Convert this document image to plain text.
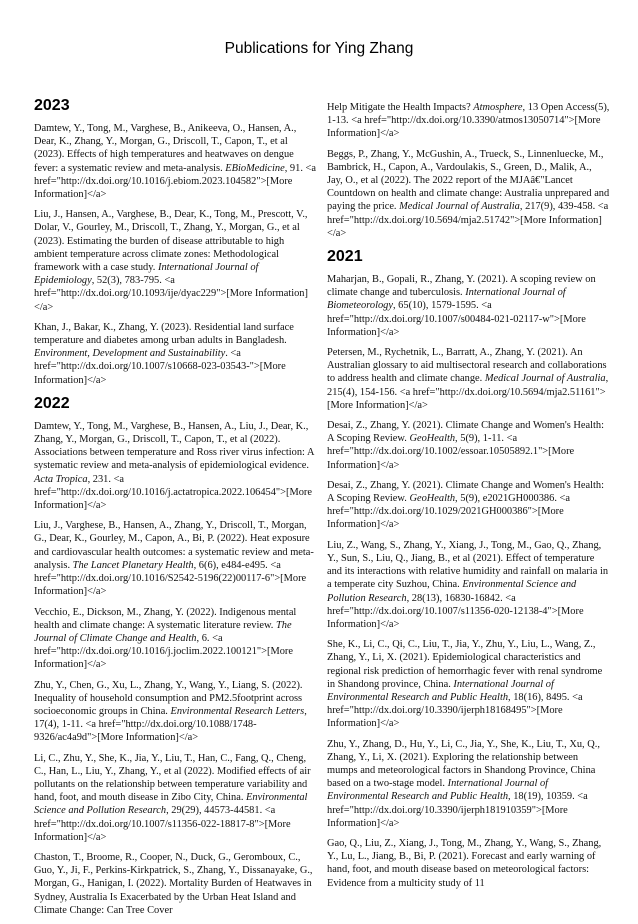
Publications for Ying Zhang
2023
Damtew, Y., Tong, M., Varghese, B., Anikeeva, O., Hansen, A., Dear, K., Zhang, Y., Morgan, G., Driscoll, T., Capon, T., et al (2023). Effects of high temperatures and heatwaves on dengue fever: a systematic review and meta-analysis. EBioMedicine, 91. <a href="http://dx.doi.org/10.1016/j.ebiom.2023.104582">[More Information]</a>
Liu, J., Hansen, A., Varghese, B., Dear, K., Tong, M., Prescott, V., Dolar, V., Gourley, M., Driscoll, T., Zhang, Y., Morgan, G., et al (2023). Estimating the burden of disease attributable to high ambient temperature across climate zones: Methodological framework with a case study. International Journal of Epidemiology, 52(3), 783-795. <a href="http://dx.doi.org/10.1093/ije/dyac229">[More Information]</a>
Khan, J., Bakar, K., Zhang, Y. (2023). Residential land surface temperature and diabetes among urban adults in Bangladesh. Environment, Development and Sustainability. <a href="http://dx.doi.org/10.1007/s10668-023-03543-">[More Information]</a>
2022
Damtew, Y., Tong, M., Varghese, B., Hansen, A., Liu, J., Dear, K., Zhang, Y., Morgan, G., Driscoll, T., Capon, T., et al (2022). Associations between temperature and Ross river virus infection: A systematic review and meta-analysis of epidemiological evidence. Acta Tropica, 231. <a href="http://dx.doi.org/10.1016/j.actatropica.2022.106454">[More Information]</a>
Liu, J., Varghese, B., Hansen, A., Zhang, Y., Driscoll, T., Morgan, G., Dear, K., Gourley, M., Capon, A., Bi, P. (2022). Heat exposure and cardiovascular health outcomes: a systematic review and meta-analysis. The Lancet Planetary Health, 6(6), e484-e495. <a href="http://dx.doi.org/10.1016/S2542-5196(22)00117-6">[More Information]</a>
Vecchio, E., Dickson, M., Zhang, Y. (2022). Indigenous mental health and climate change: A systematic literature review. The Journal of Climate Change and Health, 6. <a href="http://dx.doi.org/10.1016/j.joclim.2022.100121">[More Information]</a>
Zhu, Y., Chen, G., Xu, L., Zhang, Y., Wang, Y., Liang, S. (2022). Inequality of household consumption and PM2.5footprint across socioeconomic groups in China. Environmental Research Letters, 17(4), 1-11. <a href="http://dx.doi.org/10.1088/1748-9326/ac4a9d">[More Information]</a>
Li, C., Zhu, Y., She, K., Jia, Y., Liu, T., Han, C., Fang, Q., Cheng, C., Han, L., Liu, Y., Zhang, Y., et al (2022). Modified effects of air pollutants on the relationship between temperature variability and hand, foot, and mouth disease in Zibo City, China. Environmental Science and Pollution Research, 29(29), 44573-44581. <a href="http://dx.doi.org/10.1007/s11356-022-18817-8">[More Information]</a>
Chaston, T., Broome, R., Cooper, N., Duck, G., Geromboux, C., Guo, Y., Ji, F., Perkins-Kirkpatrick, S., Zhang, Y., Dissanayake, G., Morgan, G., Hanigan, I. (2022). Mortality Burden of Heatwaves in Sydney, Australia Is Exacerbated by the Urban Heat Island and Climate Change: Can Tree Cover
Help Mitigate the Health Impacts? Atmosphere, 13 Open Access(5), 1-13. <a href="http://dx.doi.org/10.3390/atmos13050714">[More Information]</a>
Beggs, P., Zhang, Y., McGushin, A., Trueck, S., Linnenluecke, M., Bambrick, H., Capon, A., Vardoulakis, S., Green, D., Malik, A., Jay, O., et al (2022). The 2022 report of the MJAâ€"Lancet Countdown on health and climate change: Australia unprepared and paying the price. Medical Journal of Australia, 217(9), 439-458. <a href="http://dx.doi.org/10.5694/mja2.51742">[More Information]</a>
2021
Maharjan, B., Gopali, R., Zhang, Y. (2021). A scoping review on climate change and tuberculosis. International Journal of Biometeorology, 65(10), 1579-1595. <a href="http://dx.doi.org/10.1007/s00484-021-02117-w">[More Information]</a>
Petersen, M., Rychetnik, L., Barratt, A., Zhang, Y. (2021). An Australian glossary to aid multisectoral research and collaborations to address health and climate change. Medical Journal of Australia, 215(4), 154-156. <a href="http://dx.doi.org/10.5694/mja2.51161">[More Information]</a>
Desai, Z., Zhang, Y. (2021). Climate Change and Women's Health: A Scoping Review. GeoHealth, 5(9), 1-11. <a href="http://dx.doi.org/10.1002/essoar.10505892.1">[More Information]</a>
Desai, Z., Zhang, Y. (2021). Climate Change and Women's Health: A Scoping Review. GeoHealth, 5(9), e2021GH000386. <a href="http://dx.doi.org/10.1029/2021GH000386">[More Information]</a>
Liu, Z., Wang, S., Zhang, Y., Xiang, J., Tong, M., Gao, Q., Zhang, Y., Sun, S., Liu, Q., Jiang, B., et al (2021). Effect of temperature and its interactions with relative humidity and rainfall on malaria in a temperate city Suzhou, China. Environmental Science and Pollution Research, 28(13), 16830-16842. <a href="http://dx.doi.org/10.1007/s11356-020-12138-4">[More Information]</a>
She, K., Li, C., Qi, C., Liu, T., Jia, Y., Zhu, Y., Liu, L., Wang, Z., Zhang, Y., Li, X. (2021). Epidemiological characteristics and regional risk prediction of hemorrhagic fever with renal syndrome in Shandong province, China. International Journal of Environmental Research and Public Health, 18(16), 8495. <a href="http://dx.doi.org/10.3390/ijerph18168495">[More Information]</a>
Zhu, Y., Zhang, D., Hu, Y., Li, C., Jia, Y., She, K., Liu, T., Xu, Q., Zhang, Y., Li, X. (2021). Exploring the relationship between mumps and meteorological factors in Shandong Province, China based on a two-stage model. International Journal of Environmental Research and Public Health, 18(19), 10359. <a href="http://dx.doi.org/10.3390/ijerph181910359">[More Information]</a>
Gao, Q., Liu, Z., Xiang, J., Tong, M., Zhang, Y., Wang, S., Zhang, Y., Lu, L., Jiang, B., Bi, P. (2021). Forecast and early warning of hand, foot, and mouth disease based on meteorological factors: Evidence from a multicity study of 11
